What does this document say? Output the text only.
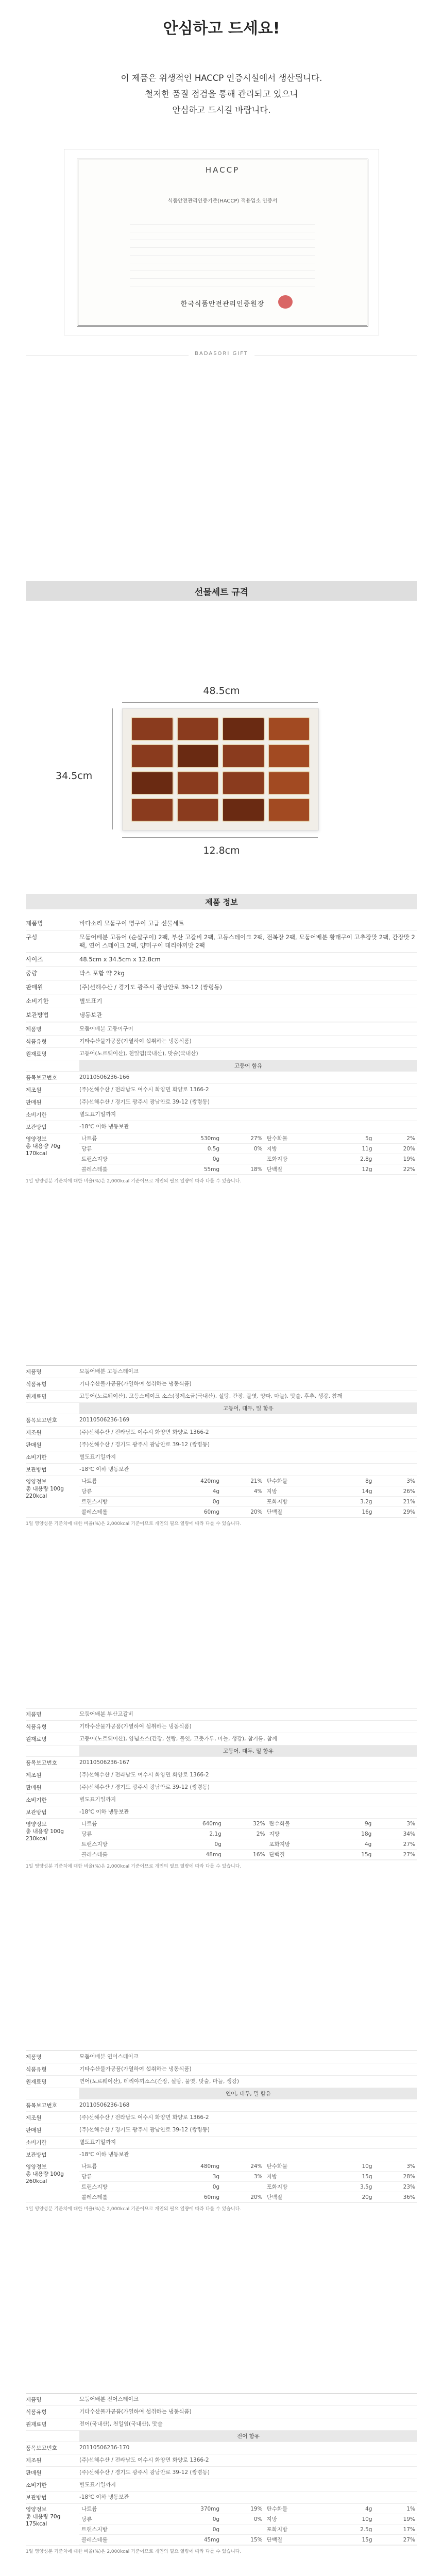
안심하고 드세요!
이 제품은 위생적인 HACCP 인증시설에서 생산됩니다.
철저한 품질 점검을 통해 관리되고 있으니
안심하고 드시길 바랍니다.
HACCP
식품안전관리인증기준(HACCP) 적용업소 인증서
한국식품안전관리인증원장
BADASORI GIFT
선물세트 규격
48.5cm
34.5cm
12.8cm
제품 정보
제품명	바다소리 모둠구이 명구이 고급 선물세트
구성	모둠어배분 고등어 (순살구이) 2팩, 부산 고갈비 2팩, 고등스테이크 2팩, 전복장 2팩, 모둠어배분 황태구이 고추장맛 2팩, 간장맛 2팩, 연어 스테이크 2팩, 양미구이 데리야끼맛 2팩
사이즈	48.5cm x 34.5cm x 12.8cm
중량	박스 포함 약 2kg
판매원	(주)선해수산 / 경기도 광주시 광남안로 39-12 (쌍령동)
소비기한	별도표기
보관방법	냉동보관
제품명	모둠어배분 고등어구이
식품유형	기타수산물가공품(가열하여 섭취하는 냉동식품)
원재료명	고등어(노르웨이산), 천일염(국내산), 맛술(국내산)
고등어 함유
품목보고번호	20110506236-166
제조원	(주)선해수산 / 전라남도 여수시 화양면 화양로 1366-2
판매원	(주)선해수산 / 경기도 광주시 광남안로 39-12 (쌍령동)
소비기한	별도표기일까지
보관방법	-18℃ 이하 냉동보관
영양정보
총 내용량 70g
170kcal
나트륨	530mg	27%	탄수화물	5g	2%
당류	0.5g	0%	지방	11g	20%
트랜스지방	0g		포화지방	2.8g	19%
콜레스테롤	55mg	18%	단백질	12g	22%
1일 영양성분 기준치에 대한 비율(%)은 2,000kcal 기준이므로 개인의 필요 열량에 따라 다를 수 있습니다.
제품명	모둠어배분 고등스테이크
식품유형	기타수산물가공품(가열하여 섭취하는 냉동식품)
원재료명	고등어(노르웨이산), 고등스테이크 소스(정제소금(국내산), 설탕, 간장, 물엿, 양파, 마늘), 맛술, 후추, 생강, 참깨
고등어, 대두, 밀 함유
품목보고번호	20110506236-169
제조원	(주)선해수산 / 전라남도 여수시 화양면 화양로 1366-2
판매원	(주)선해수산 / 경기도 광주시 광남안로 39-12 (쌍령동)
소비기한	별도표기일까지
보관방법	-18℃ 이하 냉동보관
영양정보
총 내용량 100g
220kcal
나트륨	420mg	21%	탄수화물	8g	3%
당류	4g	4%	지방	14g	26%
트랜스지방	0g		포화지방	3.2g	21%
콜레스테롤	60mg	20%	단백질	16g	29%
1일 영양성분 기준치에 대한 비율(%)은 2,000kcal 기준이므로 개인의 필요 열량에 따라 다를 수 있습니다.
제품명	모둠어배분 부산고갈비
식품유형	기타수산물가공품(가열하여 섭취하는 냉동식품)
원재료명	고등어(노르웨이산), 양념소스(간장, 설탕, 물엿, 고춧가루, 마늘, 생강), 참기름, 참깨
고등어, 대두, 밀 함유
품목보고번호	20110506236-167
제조원	(주)선해수산 / 전라남도 여수시 화양면 화양로 1366-2
판매원	(주)선해수산 / 경기도 광주시 광남안로 39-12 (쌍령동)
소비기한	별도표기일까지
보관방법	-18℃ 이하 냉동보관
영양정보
총 내용량 100g
230kcal
나트륨	640mg	32%	탄수화물	9g	3%
당류	2.1g	2%	지방	18g	34%
트랜스지방	0g		포화지방	4g	27%
콜레스테롤	48mg	16%	단백질	15g	27%
1일 영양성분 기준치에 대한 비율(%)은 2,000kcal 기준이므로 개인의 필요 열량에 따라 다를 수 있습니다.
제품명	모둠어배분 연어스테이크
식품유형	기타수산물가공품(가열하여 섭취하는 냉동식품)
원재료명	연어(노르웨이산), 데리야끼소스(간장, 설탕, 물엿, 맛술, 마늘, 생강)
연어, 대두, 밀 함유
품목보고번호	20110506236-168
제조원	(주)선해수산 / 전라남도 여수시 화양면 화양로 1366-2
판매원	(주)선해수산 / 경기도 광주시 광남안로 39-12 (쌍령동)
소비기한	별도표기일까지
보관방법	-18℃ 이하 냉동보관
영양정보
총 내용량 100g
260kcal
나트륨	480mg	24%	탄수화물	10g	3%
당류	3g	3%	지방	15g	28%
트랜스지방	0g		포화지방	3.5g	23%
콜레스테롤	60mg	20%	단백질	20g	36%
1일 영양성분 기준치에 대한 비율(%)은 2,000kcal 기준이므로 개인의 필요 열량에 따라 다를 수 있습니다.
제품명	모둠어배분 전어스테이크
식품유형	기타수산물가공품(가열하여 섭취하는 냉동식품)
원재료명	전어(국내산), 천일염(국내산), 맛술
전어 함유
품목보고번호	20110506236-170
제조원	(주)선해수산 / 전라남도 여수시 화양면 화양로 1366-2
판매원	(주)선해수산 / 경기도 광주시 광남안로 39-12 (쌍령동)
소비기한	별도표기일까지
보관방법	-18℃ 이하 냉동보관
영양정보
총 내용량 70g
175kcal
나트륨	370mg	19%	탄수화물	4g	1%
당류	0g	0%	지방	10g	19%
트랜스지방	0g		포화지방	2.5g	17%
콜레스테롤	45mg	15%	단백질	15g	27%
1일 영양성분 기준치에 대한 비율(%)은 2,000kcal 기준이므로 개인의 필요 열량에 따라 다를 수 있습니다.
